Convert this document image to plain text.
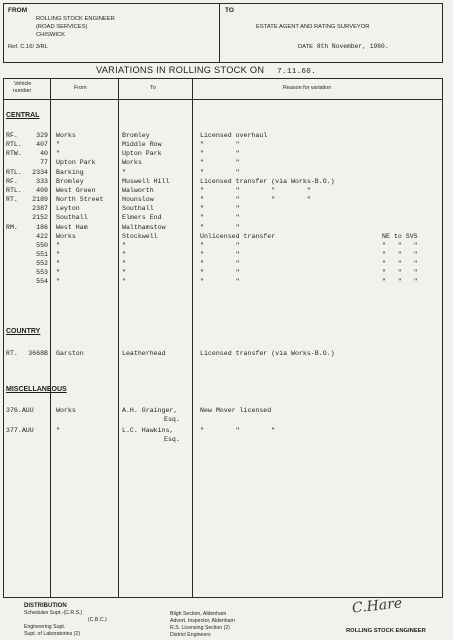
FROM
ROLLING STOCK ENGINEER
(ROAD SERVICES)
CHISWICK
Ref. C.16/ 3/RL
TO
ESTATE AGENT AND RATING SURVEYOR
DATE 8th November, 1960.
VARIATIONS IN ROLLING STOCK ON 7.11.60.
Vehicle
number	From	To	Reason for variation
CENTRAL
COUNTRY
MISCELLANEOUS
RF.	329 Works	Bromley	Licensed overhaul
RTL. 407 "	Middle Row	"        "
RTW.	40 "	Upton Park	"        "
77 Upton Park	Works	"        "
RTL. 2334 Barking	"	"        "
RF.	333 Bromley	Muswell Hill	Licensed transfer (via Works-B.O.)
RTL. 409 West Green	Walworth	"        "        "        "
RT. 2189 North Street	Hounslow	"        "        "        "
2387 Leyton	Southall	"        "
2152 Southall	Elmers End	"        "
RM.	186 West Ham	Walthamstow	"        "
422 Works	Stockwell	Unlicensed transfer	NE to SVS
550 "	"	"        "	"   "   "
551 "	"	"        "	"   "   "
552 "	"	"        "	"   "   "
553 "	"	"        "	"   "   "
554 "	"	"        "	"   "   "
RT. 3668B Garston	Leatherhead	Licensed transfer (via Works-B.O.)
376.AUU	Works	A.H. Grainger,	New Mover licensed
Esq.
377.AUU	"	L.C. Hawkins,	"        "        "
Esq.
DISTRIBUTION
Schedules Supt.-(C.R.S.)
(C.B.C.)
Engineering Supt.
Supt. of Laboratories (2)
Bligh Section, Aldenham
Advert. Inspector, Aldenham
R.S. Licensing Section (2)
District Engineers
C.Hare
ROLLING STOCK ENGINEER
